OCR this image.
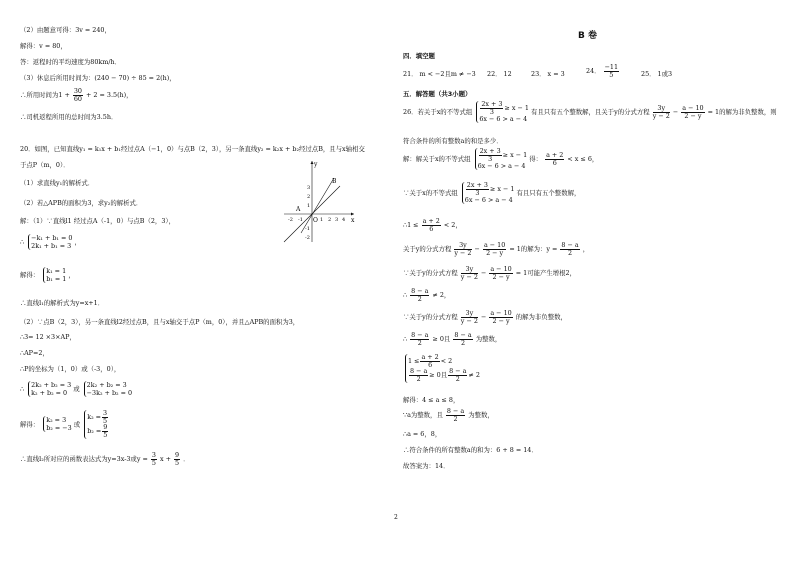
（2）由题意可得：3v = 240，
解得：v = 80，
答：返程时的平均速度为80km/h．
（3）休息后所用时间为：(240 − 70) ÷ 85 = 2(h)，
∴所用时间为$1 + \frac{30}{60} + 2 = 3.5(h)$，
∴司机返程所用的总时间为3.5h．
20．如图，已知直线y₁ = k₁x + b₁经过点A（−1，0）与点B（2，3），另一条直线y₂ = k₂x + b₂经过点B，且与x轴相交
于点P（m，0）．
（1）求直线y₁的解析式．
（2）若△APB的面积为3，求y₂的解析式．
解：（1）∵直线l1 经过点A（-1，0）与点B（2，3），
∴ −k₁ + b₁ = 0
2k₁ + b₁ = 3 ，
解得： k₁ = 1
b₁ = 1 ，
∴直线l₁的解析式为y=x+1．
（2）∵点B（2，3），另一条直线l2经过点B，且与x轴交于点P（m，0），并且△APB的面积为3，
∴3= 12 ×3×AP，
∴AP=2，
∴P的坐标为（1，0）或（-3，0），
∴ 2k₂ + b₂ = 3
k₂ + b₂ = 0 或 2k₂ + b₂ = 3
−3k₂ + b₂ = 0
解得： k₂ = 3
b₂ = −3 或
$k_2 = \frac{3}{5}$
$b_2 = \frac{9}{5}$
∴直线l₂所对应的函数表达式为y=3x-3或$y = \frac{3}{5}$ $x + \frac{9}{5}$ ．
y
x
O
A
B
-2 -1	1 2 3 4
3
2
1
-1
-2
B 卷
四．填空题
21． m < −2且m ≠ −3 22． 12	23． x = 3	24． $\frac{-11}{5}$	25． 1或3
五．解答题（共3小题）
26．若关于x的不等式组 $\frac{2x + 3}{3} \ge x - 1$
6x − 6 > a − 4
有且只有五个整数解，且关于y的分式方程 $\frac{3y}{y - 2} - \frac{a - 10}{2 - y} = 1$的解为非负整数，则
符合条件的所有整数a的和是多少．
解：解关于x的不等式组 $\frac{2x + 3}{3} \ge x - 1$
6x − 6 > a − 4
得： $\frac{a + 2}{6} < x \le 6$，
∵关于x的不等式组 $\frac{2x + 3}{3} \ge x - 1$
6x − 6 > a − 4
有且只有五个整数解，
∴1 ≤ $\frac{a + 2}{6} < 2$，
关于y的分式方程 $\frac{3y}{y - 2} - \frac{a - 10}{2 - y} = 1$的解为：$y = \frac{8 - a}{2}$ ，
∵关于y的分式方程 $\frac{3y}{y - 2} - \frac{a - 10}{2 - y} = 1$可能产生增根2，
∴ $\frac{8 - a}{2} \ne 2$，
∵关于y的分式方程 $\frac{3y}{y - 2} - \frac{a - 10}{2 - y}$ 的解为非负整数，
∴ $\frac{8 - a}{2} \ge 0$且 $\frac{8 - a}{2}$ 为整数，
$1 \le \frac{a + 2}{6} < 2$
$\frac{8 - a}{2} \ge 0$且 $\frac{8 - a}{2} \ne 2$
解得：4 ≤ a ≤ 8，
∵a为整数，且 $\frac{8 - a}{2}$ 为整数，
∴a = 6，8，
∴符合条件的所有整数a的和为：6 + 8 = 14．
故答案为：14．
2
